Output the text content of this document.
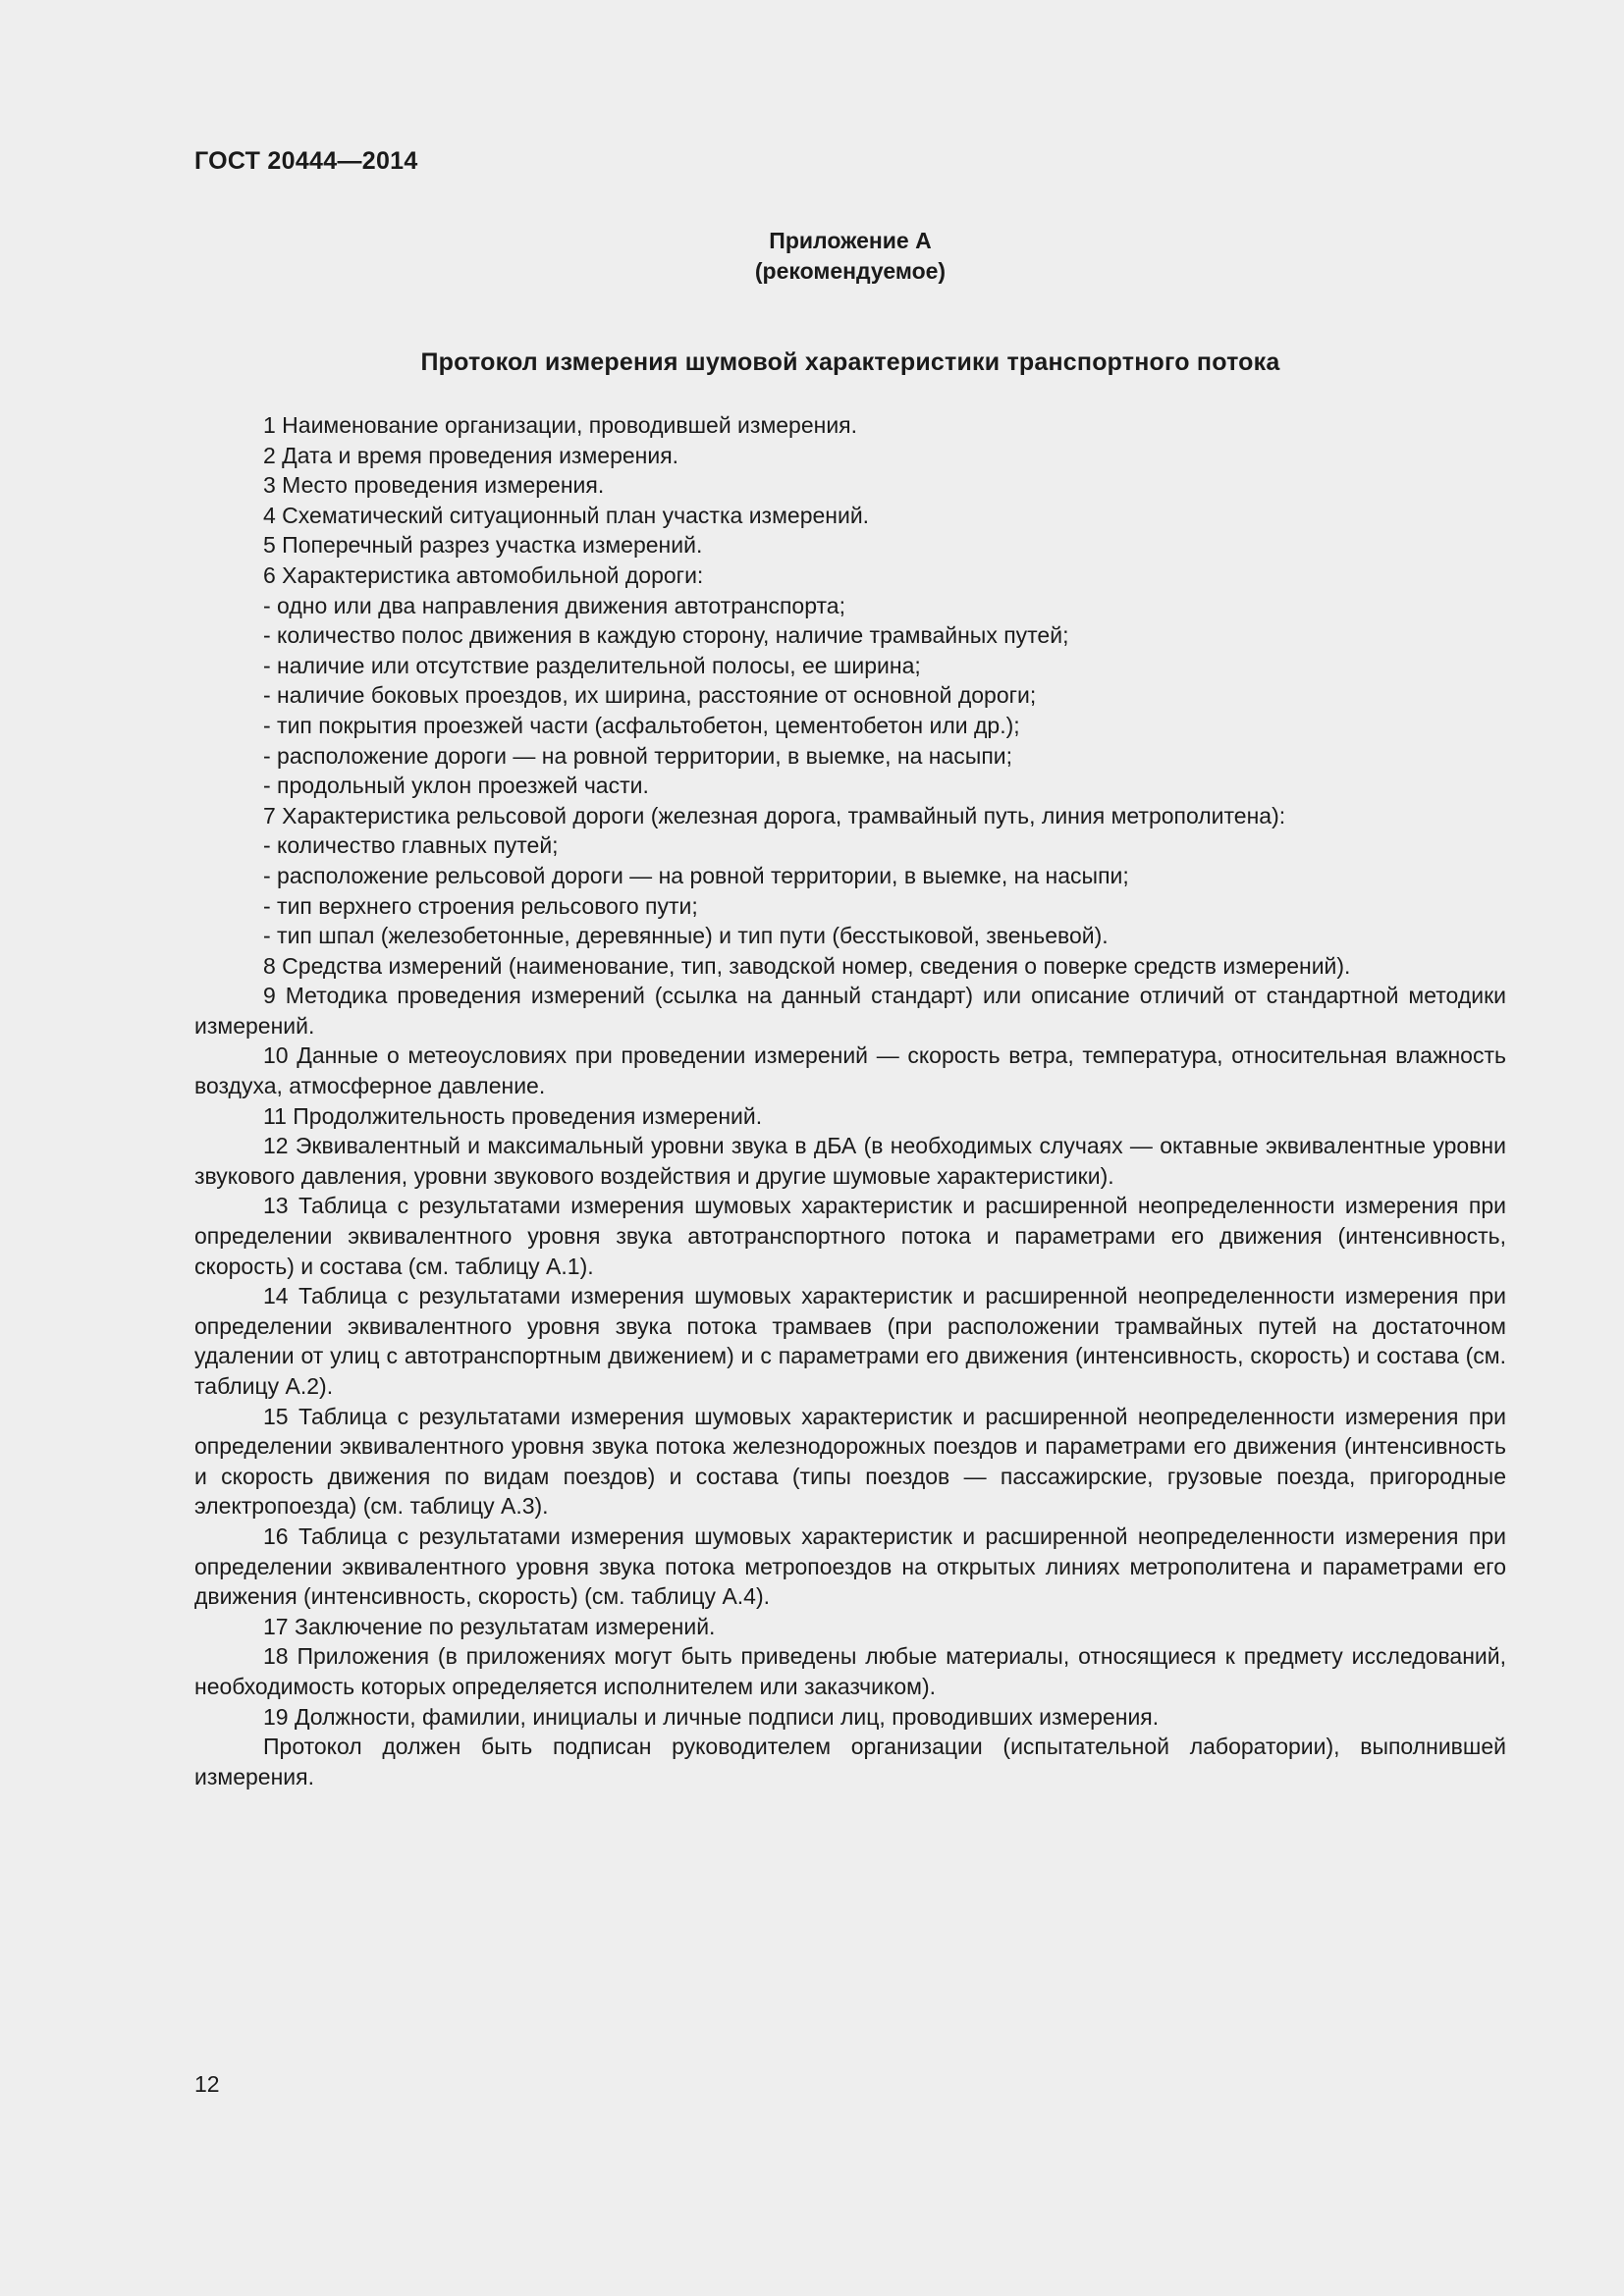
ГОСТ 20444—2014
Приложение А
(рекомендуемое)
Протокол измерения шумовой характеристики транспортного потока

1 Наименование организации, проводившей измерения.

2 Дата и время проведения измерения.

3 Место проведения измерения.

4 Схематический ситуационный план участка измерений.

5 Поперечный разрез участка измерений.

6 Характеристика автомобильной дороги:

- одно или два направления движения автотранспорта;

- количество полос движения в каждую сторону, наличие трамвайных путей;

- наличие или отсутствие разделительной полосы, ее ширина;

- наличие боковых проездов, их ширина, расстояние от основной дороги;

- тип покрытия проезжей части (асфальтобетон, цементобетон или др.);

- расположение дороги — на ровной территории, в выемке, на насыпи;

- продольный уклон проезжей части.

7 Характеристика рельсовой дороги (железная дорога, трамвайный путь, линия метрополитена):

- количество главных путей;

- расположение рельсовой дороги — на ровной территории, в выемке, на насыпи;

- тип верхнего строения рельсового пути;

- тип шпал (железобетонные, деревянные) и тип пути (бесстыковой, звеньевой).

8 Средства измерений (наименование, тип, заводской номер, сведения о поверке средств измерений).

9 Методика проведения измерений (ссылка на данный стандарт) или описание отличий от стандартной методики измерений.

10 Данные о метеоусловиях при проведении измерений — скорость ветра, температура, относительная влажность воздуха, атмосферное давление.

11 Продолжительность проведения измерений.

12 Эквивалентный и максимальный уровни звука в дБА (в необходимых случаях — октавные эквивалентные уровни звукового давления, уровни звукового воздействия и другие шумовые характеристики).

13 Таблица с результатами измерения шумовых характеристик и расширенной неопределенности измерения при определении эквивалентного уровня звука автотранспортного потока и параметрами его движения (интенсивность, скорость) и состава (см. таблицу А.1).

14 Таблица с результатами измерения шумовых характеристик и расширенной неопределенности измерения при определении эквивалентного уровня звука потока трамваев (при расположении трамвайных путей на достаточном удалении от улиц с автотранспортным движением) и с параметрами его движения (интенсивность, скорость) и состава (см. таблицу А.2).

15 Таблица с результатами измерения шумовых характеристик и расширенной неопределенности измерения при определении эквивалентного уровня звука потока железнодорожных поездов и параметрами его движения (интенсивность и скорость движения по видам поездов) и состава (типы поездов — пассажирские, грузовые поезда, пригородные электропоезда) (см. таблицу А.3).

16 Таблица с результатами измерения шумовых характеристик и расширенной неопределенности измерения при определении эквивалентного уровня звука потока метропоездов на открытых линиях метрополитена и параметрами его движения (интенсивность, скорость) (см. таблицу А.4).

17 Заключение по результатам измерений.

18 Приложения (в приложениях могут быть приведены любые материалы, относящиеся к предмету исследований, необходимость которых определяется исполнителем или заказчиком).

19 Должности, фамилии, инициалы и личные подписи лиц, проводивших измерения.

Протокол должен быть подписан руководителем организации (испытательной лаборатории), выполнившей измерения.

12
